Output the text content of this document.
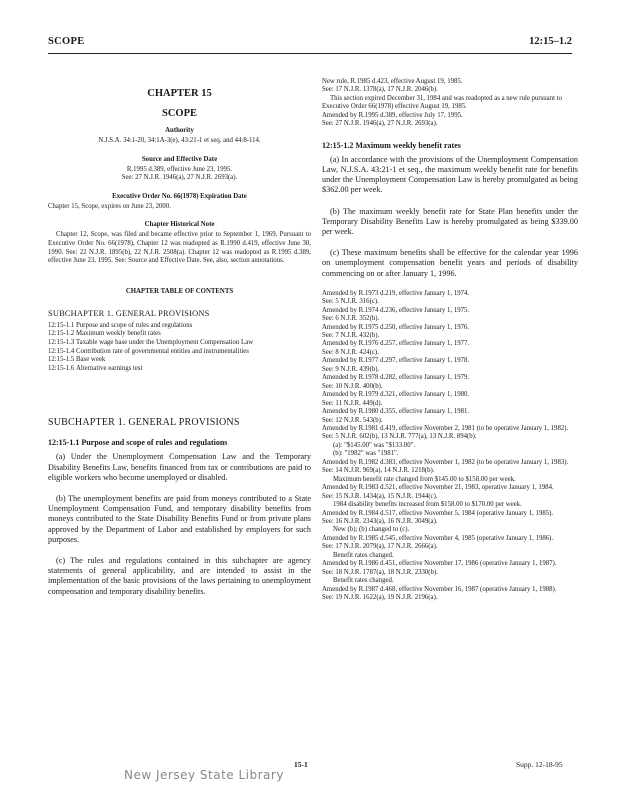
SCOPE	12:15–1.2
CHAPTER 15
SCOPE
Authority
N.J.S.A. 34:1-20, 34:1A-3(e), 43:21-1 et seq. and 44:8-114.
Source and Effective Date
R.1995 d.389, effective June 23, 1995.
See: 27 N.J.R. 1946(a), 27 N.J.R. 2693(a).
Executive Order No. 66(1978) Expiration Date
Chapter 15, Scope, expires on June 23, 2000.
Chapter Historical Note

Chapter 12, Scope, was filed and became effective prior to September 1, 1969. Pursuant to Executive Order No. 66(1978), Chapter 12 was readopted as R.1990 d.419, effective June 30, 1990. See: 22 N.J.R. 1895(b), 22 N.J.R. 2508(a). Chapter 12 was readopted as R.1995 d.389, effective June 23, 1995. See: Source and Effective Date. See, also, section annotations.

CHAPTER TABLE OF CONTENTS
SUBCHAPTER 1. GENERAL PROVISIONS
12:15-1.1 Purpose and scope of rules and regulations
12:15-1.2 Maximum weekly benefit rates
12:15-1.3 Taxable wage base under the Unemployment Compensation Law
12:15-1.4 Contribution rate of governmental entities and instrumentalities
12:15-1.5 Base week
12:15-1.6 Alternative earnings test
SUBCHAPTER 1. GENERAL PROVISIONS
12:15-1.1 Purpose and scope of rules and regulations

(a) Under the Unemployment Compensation Law and the Temporary Disability Benefits Law, benefits financed from tax or contributions are paid to eligible workers who become unemployed or disabled.

(b) The unemployment benefits are paid from moneys contributed to a State Unemployment Compensation Fund, and temporary disability benefits from moneys contributed to the State Disability Benefits Fund or from private plans approved by the Department of Labor and established by employers for such purposes.

(c) The rules and regulations contained in this subchapter are agency statements of general applicability, and are intended to assist in the implementation of the basic provisions of the laws pertaining to unemployment compensation and temporary disability benefits.

New rule, R.1985 d.423, effective August 19, 1985.
See: 17 N.J.R. 1378(a), 17 N.J.R. 2046(b).
This section expired December 31, 1984 and was readopted as a new rule pursuant to Executive Order 66(1978) effective August 19, 1985.
Amended by R.1995 d.389, effective July 17, 1995.
See: 27 N.J.R. 1946(a), 27 N.J.R. 2693(a).
12:15-1.2 Maximum weekly benefit rates

(a) In accordance with the provisions of the Unemployment Compensation Law, N.J.S.A. 43:21-1 et seq., the maximum weekly benefit rate for benefits under the Unemployment Compensation Law is hereby promulgated as being $362.00 per week.

(b) The maximum weekly benefit rate for State Plan benefits under the Temporary Disability Benefits Law is hereby promulgated as being $339.00 per week.

(c) These maximum benefits shall be effective for the calendar year 1996 on unemployment compensation benefit years and periods of disability commencing on or after January 1, 1996.

Amended by R.1973 d.219, effective January 1, 1974.
See: 5 N.J.R. 316(c).
Amended by R.1974 d.236, effective January 1, 1975.
See: 6 N.J.R. 352(b).
Amended by R.1975 d.250, effective January 1, 1976.
See: 7 N.J.R. 432(b).
Amended by R.1976 d.257, effective January 1, 1977.
See: 8 N.J.R. 424(c).
Amended by R.1977 d.297, effective January 1, 1978.
See: 9 N.J.R. 439(b).
Amended by R.1978 d.282, effective January 1, 1979.
See: 10 N.J.R. 400(b).
Amended by R.1979 d.321, effective January 1, 1980.
See: 11 N.J.R. 449(d).
Amended by R.1980 d.355, effective January 1, 1981.
See: 12 N.J.R. 543(b).
Amended by R.1981 d.419, effective November 2, 1981 (to be operative January 1, 1982).
See: 5 N.J.R. 602(b), 13 N.J.R. 777(a), 13 N.J.R. 894(b).
(a): "$145.00" was "$133.00".
(b): "1982" was "1981".
Amended by R.1982 d.383, effective November 1, 1982 (to be operative January 1, 1983).
See: 14 N.J.R. 969(a), 14 N.J.R. 1218(b).
Maximum benefit rate changed from $145.00 to $158.00 per week.
Amended by R.1983 d.521, effective November 21, 1983, operative January 1, 1984.
See: 15 N.J.R. 1434(a), 15 N.J.R. 1944(c).
1984 disability benefits increased from $158.00 to $170.00 per week.
Amended by R.1984 d.517, effective November 5, 1984 (operative January 1, 1985).
See: 16 N.J.R. 2343(a), 16 N.J.R. 3049(a).
New (b); (b) changed to (c).
Amended by R.1985 d.545, effective November 4, 1985 (operative January 1, 1986).
See: 17 N.J.R. 2079(a), 17 N.J.R. 2666(a).
Benefit rates changed.
Amended by R.1986 d.451, effective November 17, 1986 (operative January 1, 1987).
See: 18 N.J.R. 1787(a), 18 N.J.R. 2330(b).
Benefit rates changed.
Amended by R.1987 d.468, effective November 16, 1987 (operative January 1, 1988).
See: 19 N.J.R. 1622(a), 19 N.J.R. 2196(a).
15-1	Supp. 12-18-95
New Jersey State Library
